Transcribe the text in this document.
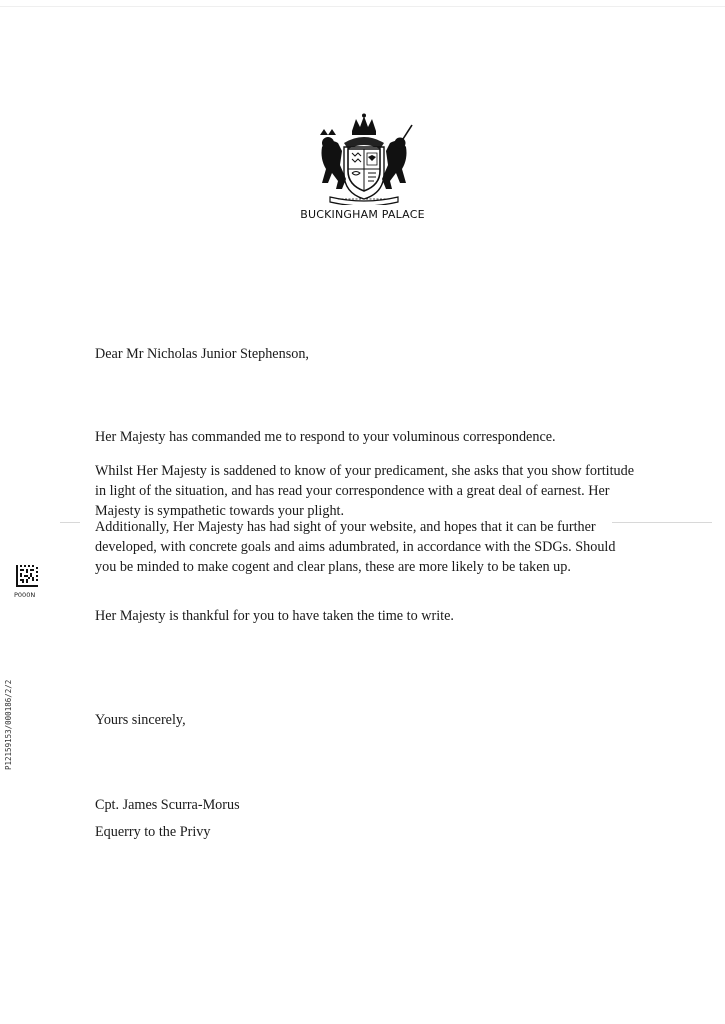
BUCKINGHAM PALACE

Dear Mr Nicholas Junior Stephenson,

Her Majesty has commanded me to respond to your voluminous correspondence.

Whilst Her Majesty is saddened to know of your predicament, she asks that you show fortitude in light of the situation, and has read your correspondence with a great deal of earnest. Her Majesty is sympathetic towards your plight.

Additionally, Her Majesty has had sight of your website, and hopes that it can be further developed, with concrete goals and aims adumbrated, in accordance with the SDGs. Should you be minded to make cogent and clear plans, these are more likely to be taken up.

Her Majesty is thankful for you to have taken the time to write.

Yours sincerely,

Cpt. James Scurra-Morus

Equerry to the Privy

P000N
P12159153/000186/2/2
